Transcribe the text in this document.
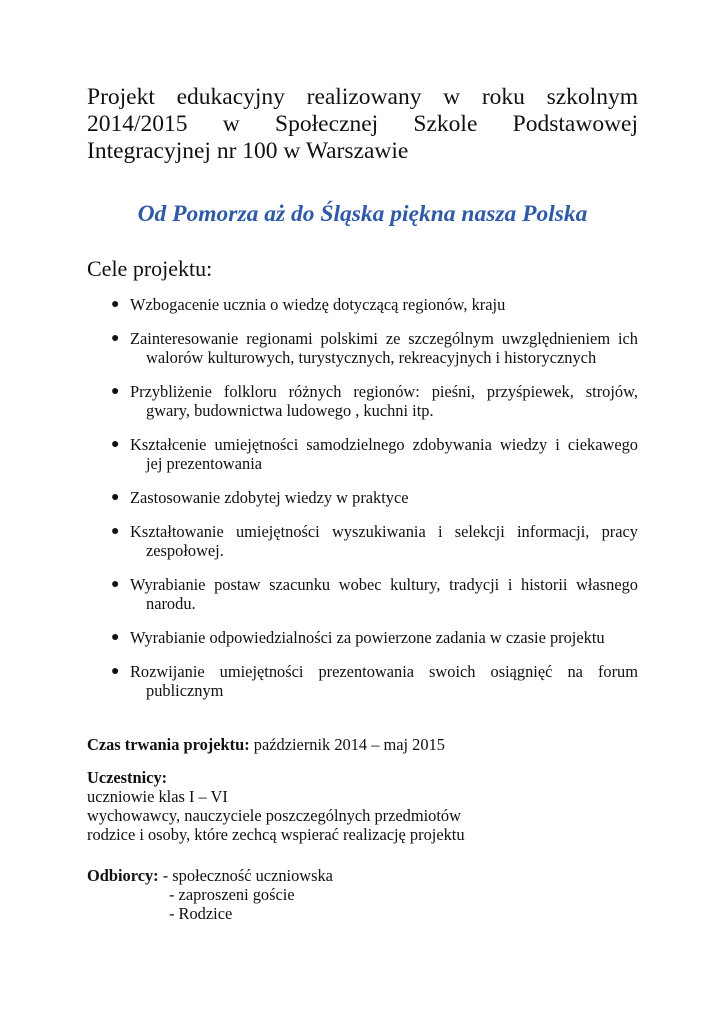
Projekt edukacyjny realizowany w roku szkolnym
2014/2015 w Społecznej Szkole Podstawowej
Integracyjnej nr 100 w Warszawie
Od Pomorza aż do Śląska piękna nasza Polska
Cele projektu:
● Wzbogacenie ucznia o wiedzę dotyczącą regionów, kraju
● Zainteresowanie regionami polskimi ze szczególnym uwzględnieniem ich
walorów kulturowych, turystycznych, rekreacyjnych i historycznych
● Przybliżenie folkloru różnych regionów: pieśni, przyśpiewek, strojów,
gwary, budownictwa ludowego , kuchni itp.
● Kształcenie umiejętności samodzielnego zdobywania wiedzy i ciekawego
jej prezentowania
● Zastosowanie zdobytej wiedzy w praktyce
● Kształtowanie umiejętności wyszukiwania i selekcji informacji, pracy
zespołowej.
● Wyrabianie postaw szacunku wobec kultury, tradycji i historii własnego
narodu.
● Wyrabianie odpowiedzialności za powierzone zadania w czasie projektu
● Rozwijanie umiejętności prezentowania swoich osiągnięć na forum
publicznym
Czas trwania projektu: październik 2014 – maj 2015
Uczestnicy:
uczniowie klas I – VI
wychowawcy, nauczyciele poszczególnych przedmiotów
rodzice i osoby, które zechcą wspierać realizację projektu
Odbiorcy: - społeczność uczniowska
- zaproszeni goście
- Rodzice
